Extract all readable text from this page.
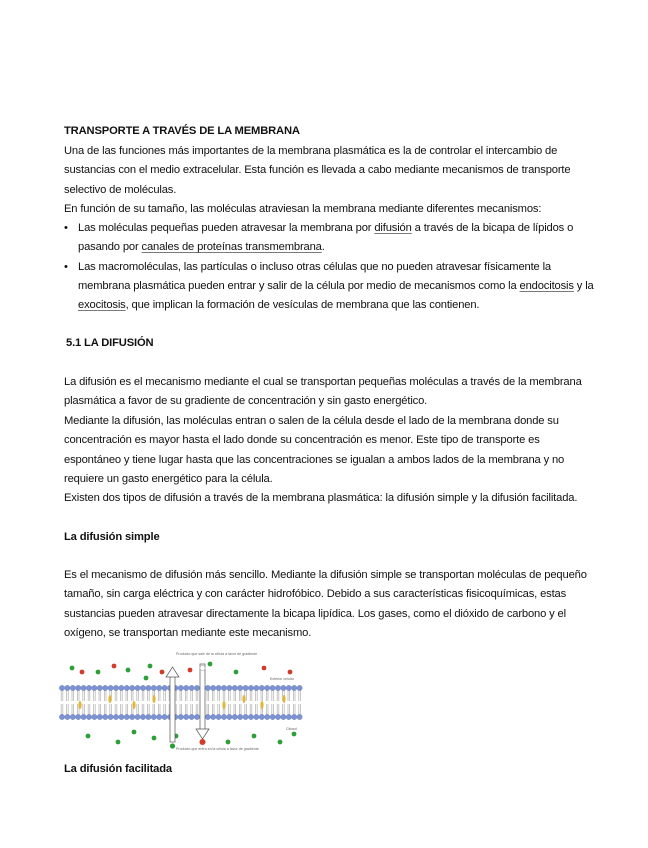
TRANSPORTE A TRAVÉS DE LA MEMBRANA

Una de las funciones más importantes de la membrana plasmática es la de controlar el intercambio de sustancias con el medio extracelular. Esta función es llevada a cabo mediante mecanismos de transporte selectivo de moléculas.

En función de su tamaño, las moléculas atraviesan la membrana mediante diferentes mecanismos:

• Las moléculas pequeñas pueden atravesar la membrana por difusión a través de la bicapa de lípidos o pasando por canales de proteínas transmembrana.
• Las macromoléculas, las partículas o incluso otras células que no pueden atravesar físicamente la membrana plasmática pueden entrar y salir de la célula por medio de mecanismos como la endocitosis y la exocitosis, que implican la formación de vesículas de membrana que las contienen.

5.1 LA DIFUSIÓN

La difusión es el mecanismo mediante el cual se transportan pequeñas moléculas a través de la membrana plasmática a favor de su gradiente de concentración y sin gasto energético.

Mediante la difusión, las moléculas entran o salen de la célula desde el lado de la membrana donde su concentración es mayor hasta el lado donde su concentración es menor. Este tipo de transporte es espontáneo y tiene lugar hasta que las concentraciones se igualan a ambos lados de la membrana y no requiere un gasto energético para la célula.

Existen dos tipos de difusión a través de la membrana plasmática: la difusión simple y la difusión facilitada.

La difusión simple

Es el mecanismo de difusión más sencillo. Mediante la difusión simple se transportan moléculas de pequeño tamaño, sin carga eléctrica y con carácter hidrofóbico. Debido a sus características fisicoquímicas, estas sustancias pueden atravesar directamente la bicapa lipídica. Los gases, como el dióxido de carbono y el oxígeno, se transportan mediante este mecanismo.

La difusión facilitada

Producto que sale de la célula a favor de gradiente
Exterior celular
Citosol
Producto que entra en la célula a favor de gradiente
